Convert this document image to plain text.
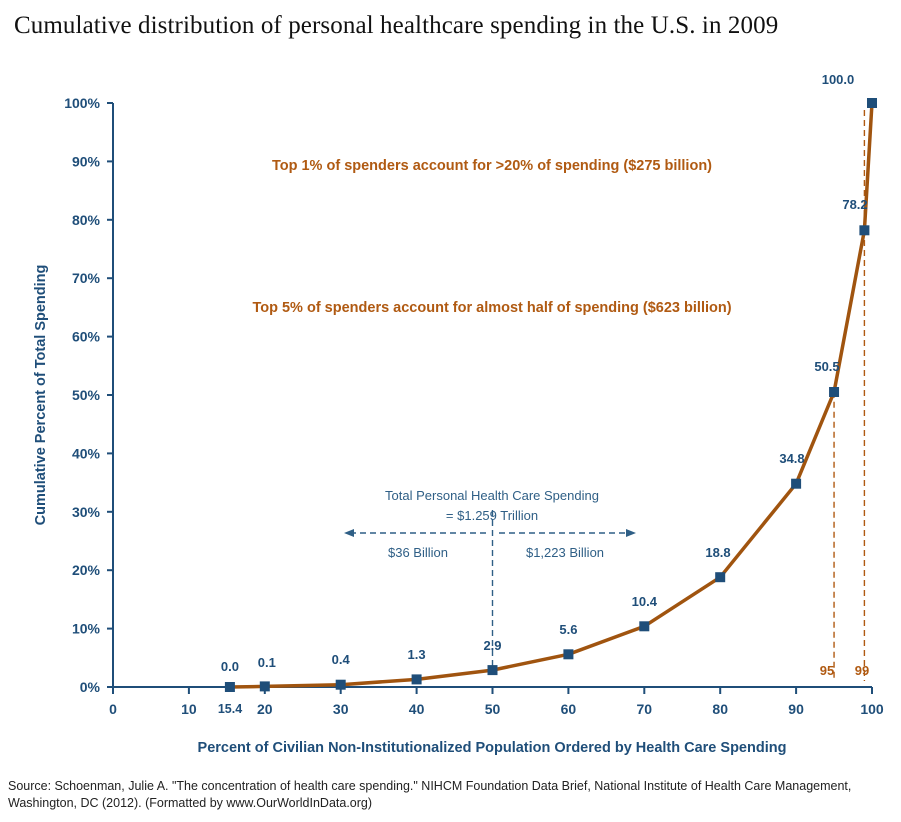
Cumulative distribution of personal healthcare spending in the U.S. in 2009
0%
10%
20%
30%
40%
50%
60%
70%
80%
90%
100%
0	10	20	30	40	50	60	70	80	90	100
15.4
Cumulative Percent of Total Spending
Percent of Civilian Non-Institutionalized Population Ordered by Health Care Spending
95 99
Total Personal Health Care Spending
= $1.259 Trillion
$36 Billion	$1,223 Billion
Top 1% of spenders account for >20% of spending ($275 billion)
Top 5% of spenders account for almost half of spending ($623 billion)
0.0 0.1	0.4	1.3
2.9
5.6
10.4
18.8
34.8
50.5
78.2
100.0
Source: Schoenman, Julie A. "The concentration of health care spending." NIHCM Foundation Data Brief, National Institute of Health Care Management, Washington, DC (2012). (Formatted by www.OurWorldInData.org)
